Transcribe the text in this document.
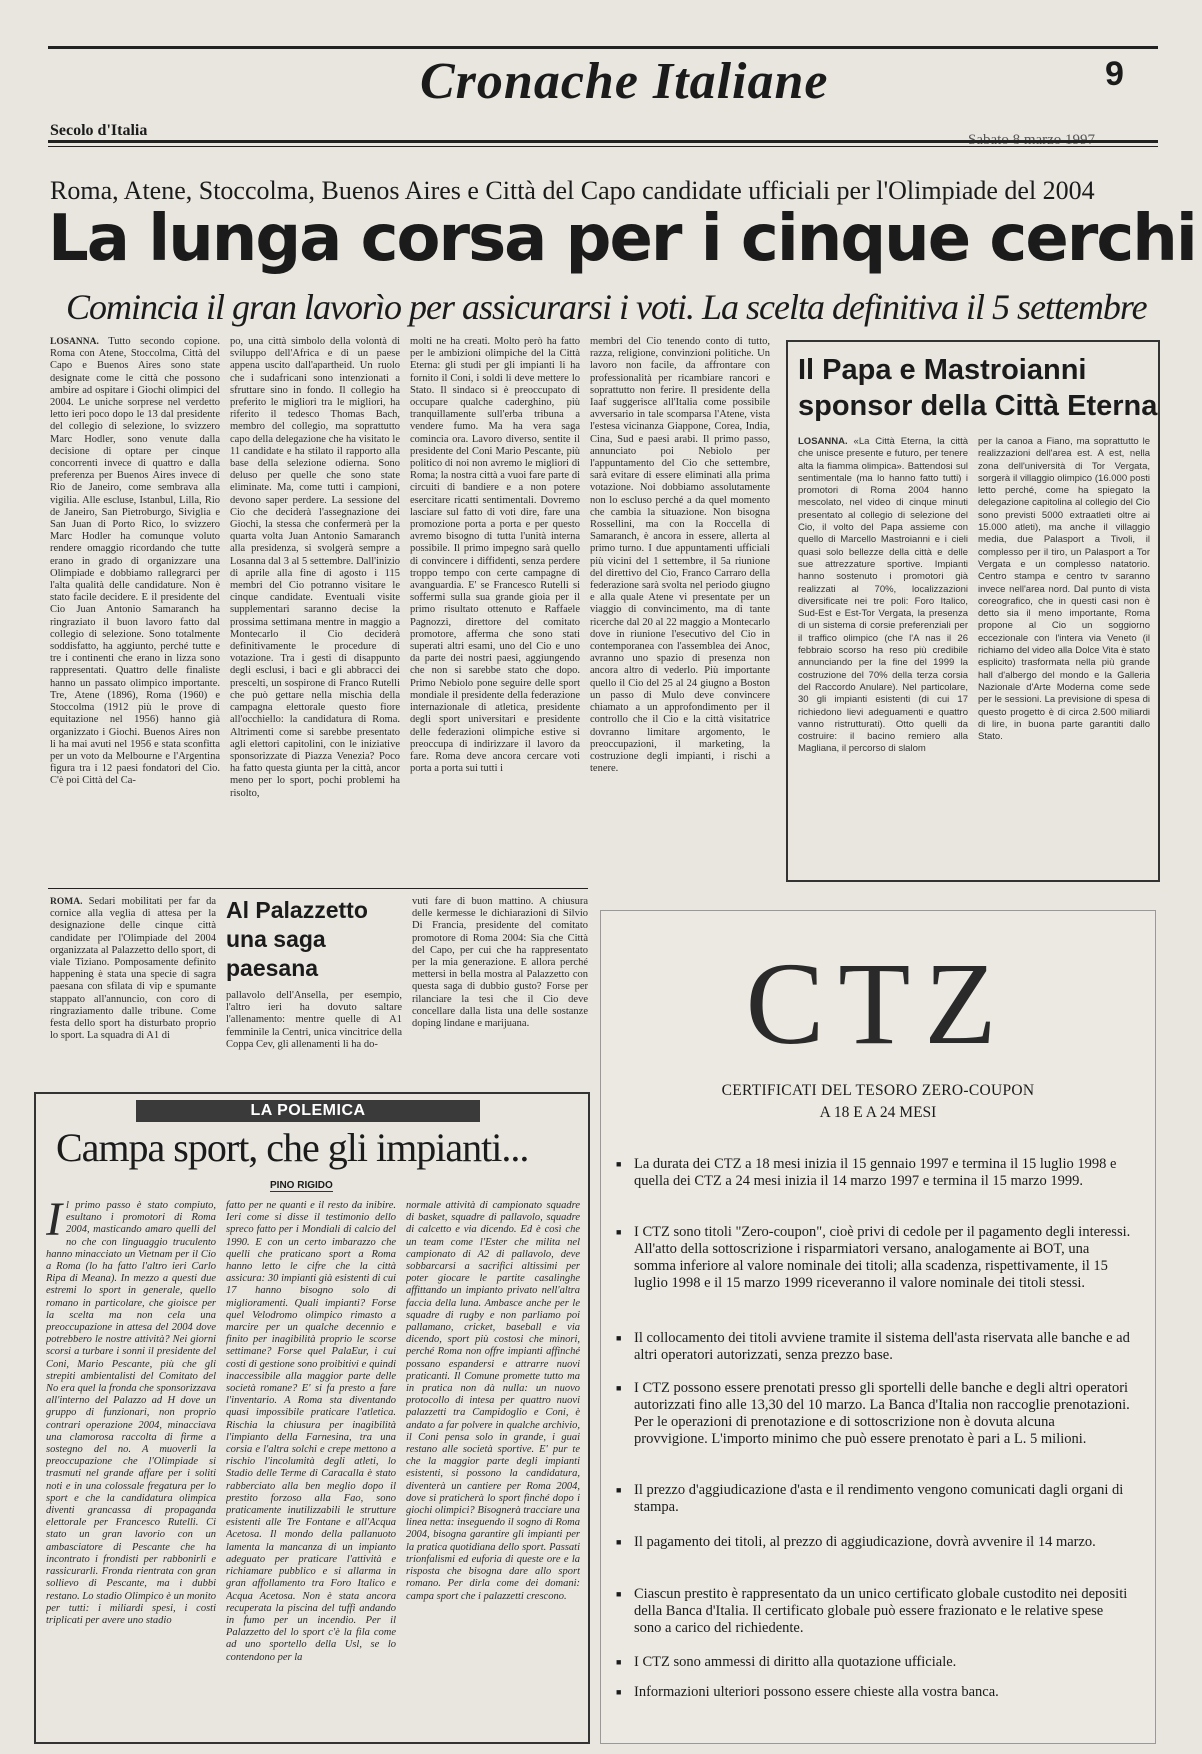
Cronache Italiane	9
Secolo d'Italia
Roma, Atene, Stoccolma, Buenos Aires e Città del Capo candidate ufficiali per l'Olimpiade del 2004
La lunga corsa per i cinque cerchi
Comincia il gran lavorìo per assicurarsi i voti. La scelta definitiva il 5 settembre
LOSANNA. Tutto secondo copione. Roma con Atene, Stoccolma, Città del Capo e Buenos Aires sono state designate come le città che possono ambire ad ospitare i Giochi olimpici del 2004. Le uniche sorprese nel verdetto letto ieri poco dopo le 13 dal presidente del collegio di selezione, lo svizzero Marc Hodler, sono venute dalla decisione di optare per cinque concorrenti invece di quattro e dalla preferenza per Buenos Aires invece di Rio de Janeiro, come sembrava alla vigilia. Alle escluse, Istanbul, Lilla, Rio de Janeiro, San Pietroburgo, Siviglia e San Juan di Porto Rico, lo svizzero Marc Hodler ha comunque voluto rendere omaggio ricordando che tutte erano in grado di organizzare una Olimpiade e dobbiamo rallegrarci per l'alta qualità delle candidature. Non è stato facile decidere. E il presidente del Cio Juan Antonio Samaranch ha ringraziato il buon lavoro fatto dal collegio di selezione. Sono totalmente soddisfatto, ha aggiunto, perché tutte e tre i continenti che erano in lizza sono rappresentati. Quattro delle finaliste hanno un passato olimpico importante. Tre, Atene (1896), Roma (1960) e Stoccolma (1912 più le prove di equitazione nel 1956) hanno già organizzato i Giochi. Buenos Aires non li ha mai avuti nel 1956 e stata sconfitta per un voto da Melbourne e l'Argentina figura tra i 12 paesi fondatori del Cio. C'è poi Città del Ca-
po, una città simbolo della volontà di sviluppo dell'Africa e di un paese appena uscito dall'apartheid. Un ruolo che i sudafricani sono intenzionati a sfruttare sino in fondo. Il collegio ha preferito le migliori tra le migliori, ha riferito il tedesco Thomas Bach, membro del collegio, ma soprattutto capo della delegazione che ha visitato le 11 candidate e ha stilato il rapporto alla base della selezione odierna. Sono deluso per quelle che sono state eliminate. Ma, come tutti i campioni, devono saper perdere. La sessione del Cio che deciderà l'assegnazione dei Giochi, la stessa che confermerà per la quarta volta Juan Antonio Samaranch alla presidenza, si svolgerà sempre a Losanna dal 3 al 5 settembre. Dall'inizio di aprile alla fine di agosto i 115 membri del Cio potranno visitare le cinque candidate. Eventuali visite supplementari saranno decise la prossima settimana mentre in maggio a Montecarlo il Cio deciderà definitivamente le procedure di votazione. Tra i gesti di disappunto degli esclusi, i baci e gli abbracci dei prescelti, un sospirone di Franco Rutelli che può gettare nella mischia della campagna elettorale questo fiore all'occhiello: la candidatura di Roma. Altrimenti come si sarebbe presentato agli elettori capitolini, con le iniziative sponsorizzate di Piazza Venezia? Poco ha fatto questa giunta per la città, ancor meno per lo sport, pochi problemi ha risolto,
molti ne ha creati. Molto però ha fatto per le ambizioni olimpiche del la Città Eterna: gli studi per gli impianti li ha fornito il Coni, i soldi li deve mettere lo Stato. Il sindaco si è preoccupato di occupare qualche caderghino, più tranquillamente sull'erba tribuna a vendere fumo. Ma ha vera saga comincia ora. Lavoro diverso, sentite il presidente del Coni Mario Pescante, più politico di noi non avremo le migliori di Roma; la nostra città a vuoi fare parte di circuiti di bandiere e a non potere esercitare ricatti sentimentali. Dovremo lasciare sul fatto di voti dire, fare una promozione porta a porta e per questo avremo bisogno di tutta l'unità interna possibile. Il primo impegno sarà quello di convincere i diffidenti, senza perdere troppo tempo con certe campagne di avanguardia. E' se Francesco Rutelli si soffermi sulla sua grande gioia per il primo risultato ottenuto e Raffaele Pagnozzi, direttore del comitato promotore, afferma che sono stati superati altri esami, uno del Cio e uno da parte dei nostri paesi, aggiungendo che non si sarebbe stato che dopo. Primo Nebiolo pone seguire delle sport mondiale il presidente della federazione internazionale di atletica, presidente degli sport universitari e presidente delle federazioni olimpiche estive si preoccupa di indirizzare il lavoro da fare. Roma deve ancora cercare voti porta a porta sui tutti i
membri del Cio tenendo conto di tutto, razza, religione, convinzioni politiche. Un lavoro non facile, da affrontare con professionalità per ricambiare rancori e soprattutto non ferire. Il presidente della Iaaf suggerisce all'Italia come possibile avversario in tale scomparsa l'Atene, vista l'estesa vicinanza Giappone, Corea, India, Cina, Sud e paesi arabi. Il primo passo, annunciato poi Nebiolo per l'appuntamento del Cio che settembre, sarà evitare di essere eliminati alla prima votazione. Noi dobbiamo assolutamente non lo escluso perché a da quel momento che cambia la situazione. Non bisogna Rossellini, ma con la Roccella di Samaranch, è ancora in essere, allerta al primo turno. I due appuntamenti ufficiali più vicini del 1 settembre, il 5a riunione del direttivo del Cio, Franco Carraro della federazione sarà svolta nel periodo giugno e alla quale Atene vi presentate per un viaggio di convincimento, ma di tante ricerche dal 20 al 22 maggio a Montecarlo dove in riunione l'esecutivo del Cio in contemporanea con l'assemblea dei Anoc, avranno uno spazio di presenza non ancora altro di vederlo. Più importante quello il Cio del 25 al 24 giugno a Boston un passo di Mulo deve convincere chiamato a un approfondimento per il controllo che il Cio e la città visitatrice dovranno limitare argomento, le preoccupazioni, il marketing, la costruzione degli impianti, i rischi a tenere.
Il Papa e Mastroianni sponsor della Città Eterna
LOSANNA. «La Città Eterna, la città che unisce presente e futuro, per tenere alta la fiamma olimpica». Battendosi sul sentimentale (ma lo hanno fatto tutti) i promotori di Roma 2004 hanno mescolato, nel video di cinque minuti presentato al collegio di selezione del Cio, il volto del Papa assieme con quello di Marcello Mastroianni e i cieli quasi solo bellezze della città e delle sue attrezzature sportive. Impianti hanno sostenuto i promotori già realizzati al 70%, localizzazioni diversificate nei tre poli: Foro Italico, Sud-Est e Est-Tor Vergata, la presenza di un sistema di corsie preferenziali per il traffico olimpico (che l'A nas il 26 febbraio scorso ha reso più credibile annunciando per la fine del 1999 la costruzione del 70% della terza corsia del Raccordo Anulare). Nel particolare, 30 gli impianti esistenti (di cui 17 richiedono lievi adeguamenti e quattro vanno ristrutturati). Otto quelli da costruire: il bacino remiero alla Magliana, il percorso di slalom
per la canoa a Fiano, ma soprattutto le realizzazioni dell'area est. A est, nella zona dell'università di Tor Vergata, sorgerà il villaggio olimpico (16.000 posti letto perché, come ha spiegato la delegazione capitolina al collegio del Cio sono previsti 5000 extraatleti oltre ai 15.000 atleti), ma anche il villaggio media, due Palasport a Tivoli, il complesso per il tiro, un Palasport a Tor Vergata e un complesso natatorio. Centro stampa e centro tv saranno invece nell'area nord. Dal punto di vista coreografico, che in questi casi non è detto sia il meno importante, Roma propone al Cio un soggiorno eccezionale con l'intera via Veneto (il richiamo del video alla Dolce Vita è stato esplicito) trasformata nella più grande hall d'albergo del mondo e la Galleria Nazionale d'Arte Moderna come sede per le sessioni. La previsione di spesa di questo progetto è di circa 2.500 miliardi di lire, in buona parte garantiti dallo Stato.
ROMA. Sedari mobilitati per far da cornice alla veglia di attesa per la designazione delle cinque città candidate per l'Olimpiade del 2004 organizzata al Palazzetto dello sport, di viale Tiziano. Pomposamente definito happening è stata una specie di sagra paesana con sfilata di vip e spumante stappato all'annuncio, con coro di ringraziamento dalle tribune. Come festa dello sport ha disturbato proprio lo sport. La squadra di A1 di
Al Palazzetto una saga paesana
pallavolo dell'Ansella, per esempio, l'altro ieri ha dovuto saltare l'allenamento: mentre quelle di A1 femminile la Centri, unica vincitrice della Coppa Cev, gli allenamenti li ha do-
vuti fare di buon mattino. A chiusura delle kermesse le dichiarazioni di Silvio Di Francia, presidente del comitato promotore di Roma 2004: Sia che Città del Capo, per cui che ha rappresentato per la mia generazione. E allora perché mettersi in bella mostra al Palazzetto con questa saga di dubbio gusto? Forse per rilanciare la tesi che il Cio deve concellare dalla lista una delle sostanze doping lindane e marijuana.
LA POLEMICA
Campa sport, che gli impianti...
PINO RIGIDO
I l primo passo è stato compiuto, esultano i promotori di Roma 2004, masticando amaro quelli del no che con linguaggio truculento hanno minacciato un Vietnam per il Cio a Roma (lo ha fatto l'altro ieri Carlo Ripa di Meana). In mezzo a questi due estremi lo sport in generale, quello romano in particolare, che gioisce per la scelta ma non cela una preoccupazione in attesa del 2004 dove potrebbero le nostre attività? Nei giorni scorsi a turbare i sonni il presidente del Coni, Mario Pescante, più che gli strepiti ambientalisti del Comitato del No era quel la fronda che sponsorizzava all'interno del Palazzo ad H dove un gruppo di funzionari, non proprio contrari operazione 2004, minacciava una clamorosa raccolta di firme a sostegno del no. A muoverli la preoccupazione che l'Olimpiade si trasmuti nel grande affare per i soliti noti e in una colossale fregatura per lo sport e che la candidatura olimpica diventi grancassa di propaganda elettorale per Francesco Rutelli. Ci stato un gran lavorio con un ambasciatore di Pescante che ha incontrato i frondisti per rabbonirli e rassicurarli. Fronda rientrata con gran sollievo di Pescante, ma i dubbi restano. Lo stadio Olimpico è un monito per tutti: i miliardi spesi, i costi triplicati per avere uno stadio
fatto per ne quanti e il resto da inibire. Ieri come si disse il testimonio dello spreco fatto per i Mondiali di calcio del 1990. E con un certo imbarazzo che quelli che praticano sport a Roma hanno letto le cifre che la città assicura: 30 impianti già esistenti di cui 17 hanno bisogno solo di miglioramenti. Quali impianti? Forse quel Velodromo olimpico rimasto a marcire per un qualche decennio e finito per inagibilità proprio le scorse settimane? Forse quel PalaEur, i cui costi di gestione sono proibitivi e quindi inaccessibile alla maggior parte delle società romane? E' si fa presto a fare l'inventario. A Roma sta diventando quasi impossibile praticare l'atletica. Rischia la chiusura per inagibilità l'impianto della Farnesina, tra una corsia e l'altra solchi e crepe mettono a rischio l'incolumità degli atleti, lo Stadio delle Terme di Caracalla è stato rabberciato alla ben meglio dopo il prestito forzoso alla Fao, sono praticamente inutilizzabili le strutture esistenti alle Tre Fontane e all'Acqua Acetosa. Il mondo della pallanuoto lamenta la mancanza di un impianto adeguato per praticare l'attività e richiamare pubblico e si allarma in gran affollamento tra Foro Italico e Acqua Acetosa. Non è stata ancora recuperata la piscina del tuffi andando in fumo per un incendio. Per il Palazzetto del lo sport c'è la fila come ad uno sportello della Usl, se lo contendono per la
normale attività di campionato squadre di basket, squadre di pallavolo, squadre di calcetto e via dicendo. Ed è così che un team come l'Ester che milita nel campionato di A2 di pallavolo, deve sobbarcarsi a sacrifici altissimi per poter giocare le partite casalinghe affittando un impianto privato nell'altra faccia della luna. Ambasce anche per le squadre di rugby e non parliamo poi pallamano, cricket, baseball e via dicendo, sport più costosi che minori, perché Roma non offre impianti affinché possano espandersi e attrarre nuovi praticanti. Il Comune promette tutto ma in pratica non dà nulla: un nuovo protocollo di intesa per quattro nuovi palazzetti tra Campidoglio e Coni, è andato a far polvere in qualche archivio, il Coni pensa solo in grande, i guai restano alle società sportive. E' pur te che la maggior parte degli impianti esistenti, si possono la candidatura, diventerà un cantiere per Roma 2004, dove si praticherà lo sport finché dopo i giochi olimpici? Bisognerà tracciare una linea netta: inseguendo il sogno di Roma 2004, bisogna garantire gli impianti per la pratica quotidiana dello sport. Passati trionfalismi ed euforia di queste ore e la risposta che bisogna dare allo sport romano. Per dirla come dei domani: campa sport che i palazzetti crescono.
CTZ
CERTIFICATI DEL TESORO ZERO-COUPON
A 18 E A 24 MESI
■ La durata dei CTZ a 18 mesi inizia il 15 gennaio 1997 e termina il 15 luglio 1998 e quella dei CTZ a 24 mesi inizia il 14 marzo 1997 e termina il 15 marzo 1999.
■ I CTZ sono titoli "Zero-coupon", cioè privi di cedole per il pagamento degli interessi. All'atto della sottoscrizione i risparmiatori versano, analogamente ai BOT, una somma inferiore al valore nominale dei titoli; alla scadenza, rispettivamente, il 15 luglio 1998 e il 15 marzo 1999 riceveranno il valore nominale dei titoli stessi.
■ Il collocamento dei titoli avviene tramite il sistema dell'asta riservata alle banche e ad altri operatori autorizzati, senza prezzo base.
■ I CTZ possono essere prenotati presso gli sportelli delle banche e degli altri operatori autorizzati fino alle 13,30 del 10 marzo. La Banca d'Italia non raccoglie prenotazioni. Per le operazioni di prenotazione e di sottoscrizione non è dovuta alcuna provvigione. L'importo minimo che può essere prenotato è pari a L. 5 milioni.
■ Il prezzo d'aggiudicazione d'asta e il rendimento vengono comunicati dagli organi di stampa.
■ Il pagamento dei titoli, al prezzo di aggiudicazione, dovrà avvenire il 14 marzo.
■ Ciascun prestito è rappresentato da un unico certificato globale custodito nei depositi della Banca d'Italia. Il certificato globale può essere frazionato e le relative spese sono a carico del richiedente.
■ I CTZ sono ammessi di diritto alla quotazione ufficiale.
■ Informazioni ulteriori possono essere chieste alla vostra banca.
